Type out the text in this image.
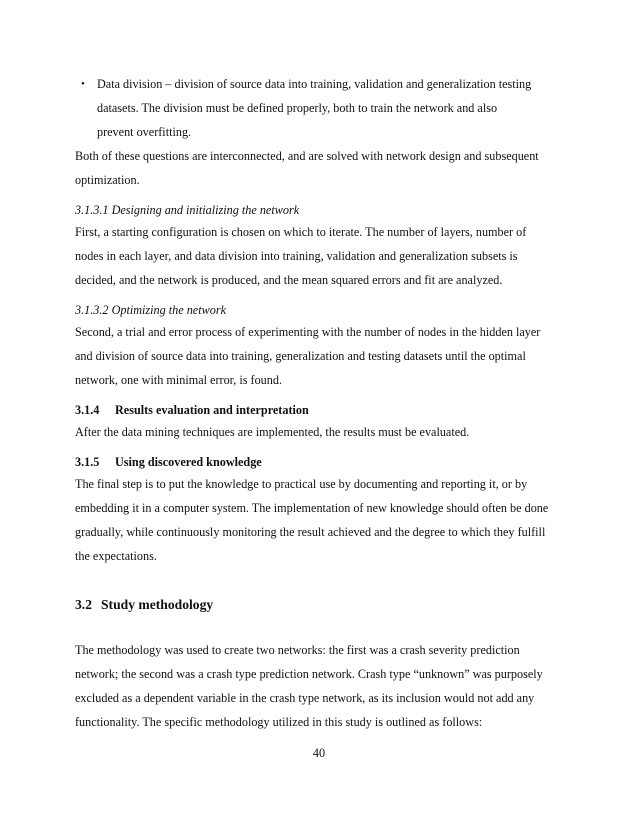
• Data division – division of source data into training, validation and generalization testing

datasets. The division must be defined properly, both to train the network and also

prevent overfitting.

Both of these questions are interconnected, and are solved with network design and subsequent

optimization.

3.1.3.1 Designing and initializing the network

First, a starting configuration is chosen on which to iterate. The number of layers, number of

nodes in each layer, and data division into training, validation and generalization subsets is

decided, and the network is produced, and the mean squared errors and fit are analyzed.

3.1.3.2 Optimizing the network

Second, a trial and error process of experimenting with the number of nodes in the hidden layer

and division of source data into training, generalization and testing datasets until the optimal

network, one with minimal error, is found.

3.1.4 Results evaluation and interpretation

After the data mining techniques are implemented, the results must be evaluated.

3.1.5 Using discovered knowledge

The final step is to put the knowledge to practical use by documenting and reporting it, or by

embedding it in a computer system. The implementation of new knowledge should often be done

gradually, while continuously monitoring the result achieved and the degree to which they fulfill

the expectations.

3.2 Study methodology

The methodology was used to create two networks: the first was a crash severity prediction

network; the second was a crash type prediction network. Crash type “unknown” was purposely

excluded as a dependent variable in the crash type network, as its inclusion would not add any

functionality. The specific methodology utilized in this study is outlined as follows:

40
